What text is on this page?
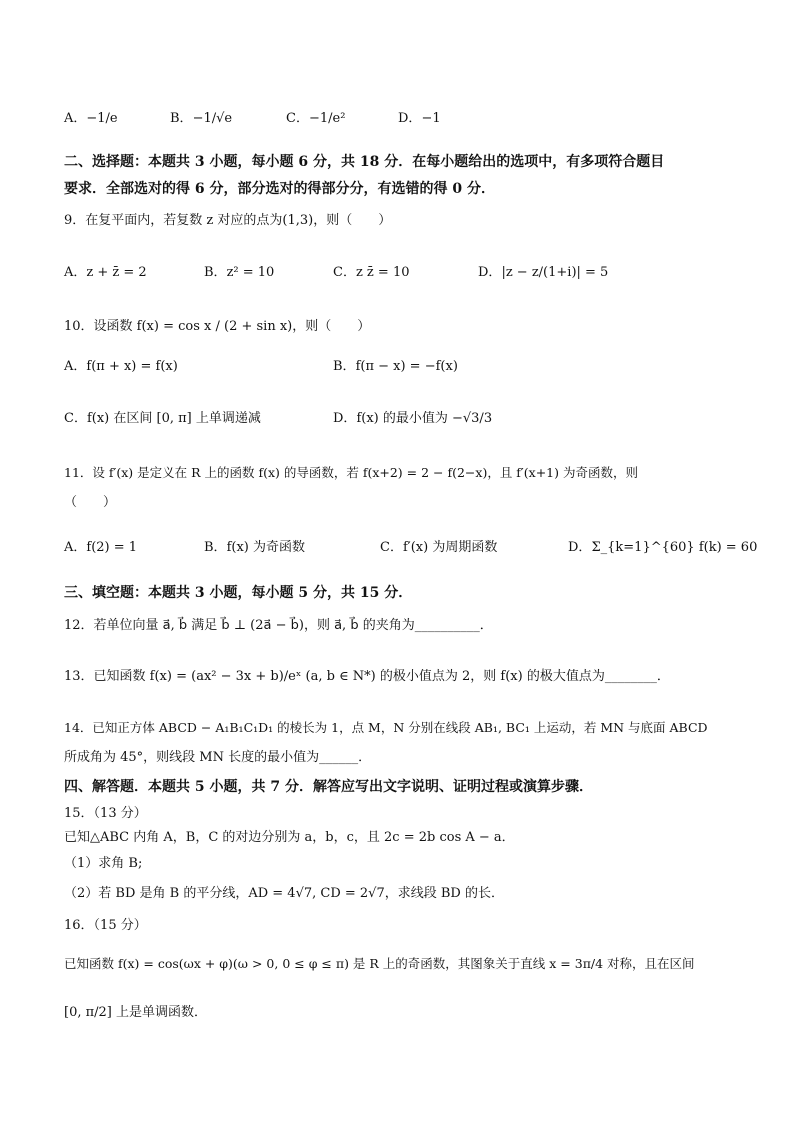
A．−1/e	B．−1/√e	C．−1/e²	D．−1
二、选择题：本题共 3 小题，每小题 6 分，共 18 分．在每小题给出的选项中，有多项符合题目
要求．全部选对的得 6 分，部分选对的得部分分，有选错的得 0 分．
9．在复平面内，若复数 z 对应的点为(1,3)，则（　　）
A．z + z̄ = 2	B．z² = 10	C．z z̄ = 10	D．|z − z/(1+i)| = 5
10．设函数 f(x) = cos x / (2 + sin x)，则（　　）
A．f(π + x) = f(x)	B．f(π − x) = −f(x)
C．f(x) 在区间 [0, π] 上单调递减	D．f(x) 的最小值为 −√3/3
11．设 f′(x) 是定义在 R 上的函数 f(x) 的导函数，若 f(x+2) = 2 − f(2−x)，且 f′(x+1) 为奇函数，则
（　　）
A．f(2) = 1	B．f(x) 为奇函数	C．f′(x) 为周期函数	D．Σ_{k=1}^{60} f(k) = 60
三、填空题：本题共 3 小题，每小题 5 分，共 15 分．
12．若单位向量 a⃗, b⃗ 满足 b⃗ ⊥ (2a⃗ − b⃗)，则 a⃗, b⃗ 的夹角为__________．
13．已知函数 f(x) = (ax² − 3x + b)/eˣ (a, b ∈ N*) 的极小值点为 2，则 f(x) 的极大值点为________．
14．已知正方体 ABCD − A₁B₁C₁D₁ 的棱长为 1，点 M，N 分别在线段 AB₁, BC₁ 上运动，若 MN 与底面 ABCD
所成角为 45°，则线段 MN 长度的最小值为______．
四、解答题．本题共 5 小题，共 7 分．解答应写出文字说明、证明过程或演算步骤．
15．（13 分）
已知△ABC 内角 A，B，C 的对边分别为 a，b，c，且 2c = 2b cos A − a．
（1）求角 B;
（2）若 BD 是角 B 的平分线，AD = 4√7, CD = 2√7，求线段 BD 的长．
16．（15 分）
已知函数 f(x) = cos(ωx + φ)(ω > 0, 0 ≤ φ ≤ π) 是 R 上的奇函数，其图象关于直线 x = 3π/4 对称，且在区间
[0, π/2] 上是单调函数．
